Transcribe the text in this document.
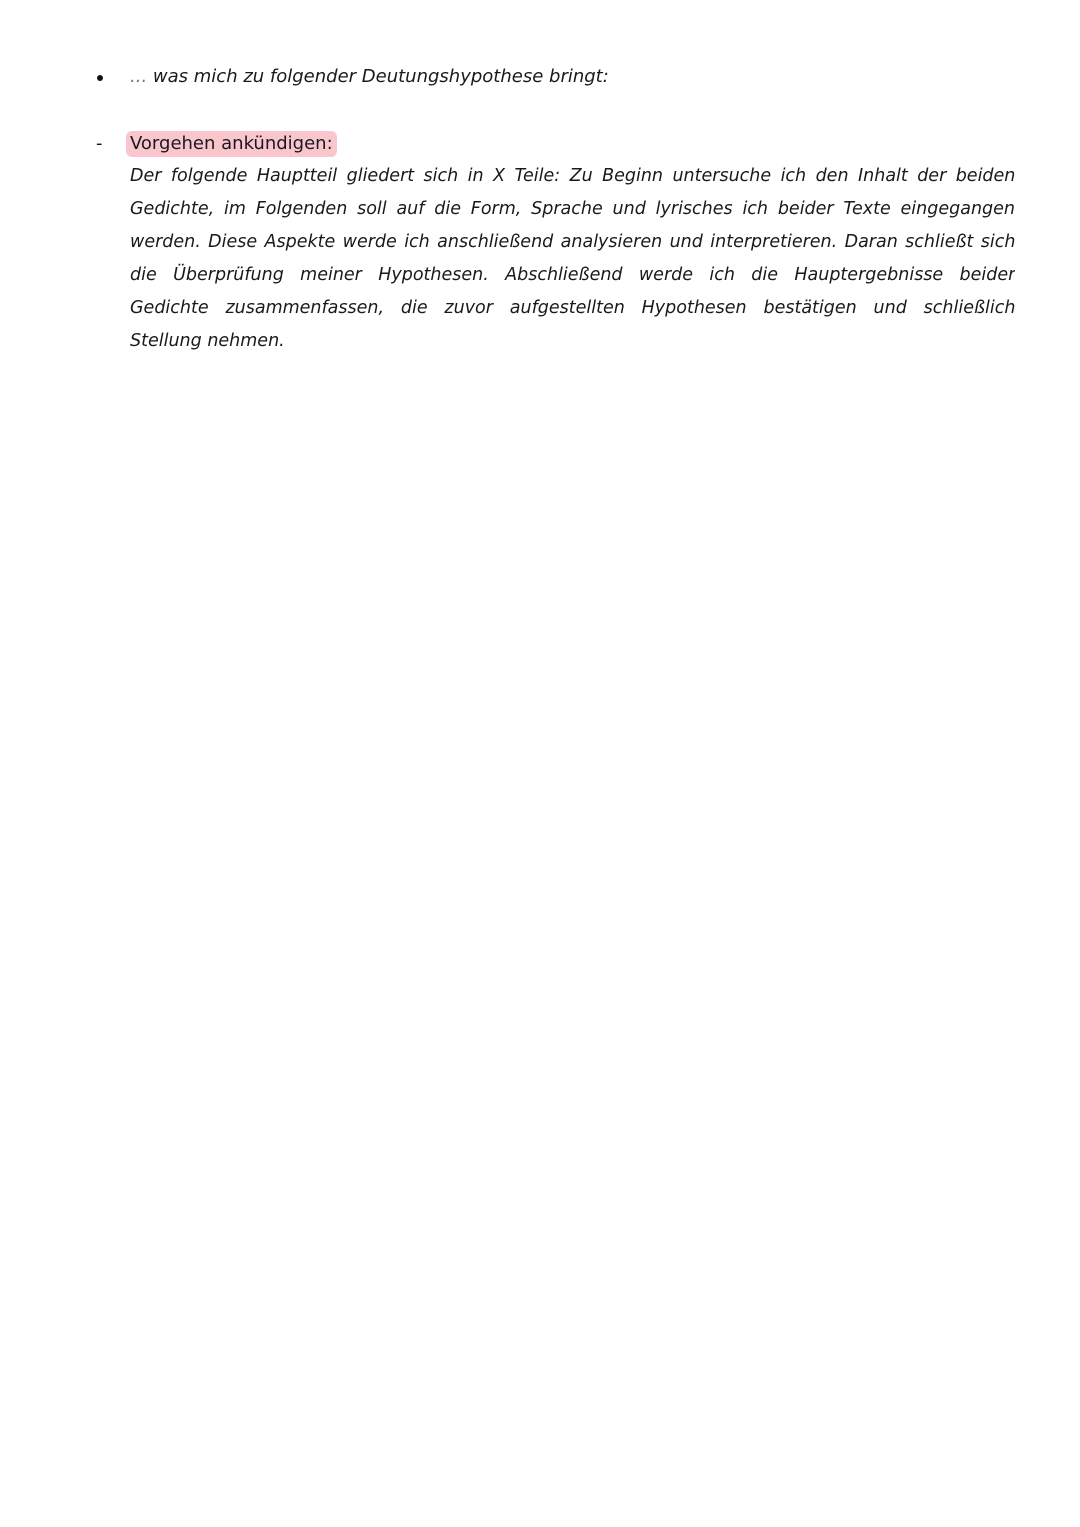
... was mich zu folgender Deutungshypothese bringt:
- Vorgehen ankündigen:
Der folgende Hauptteil gliedert sich in X Teile: Zu Beginn untersuche ich den Inhalt der beiden
Gedichte, im Folgenden soll auf die Form, Sprache und lyrisches ich beider Texte eingegangen
werden. Diese Aspekte werde ich anschließend analysieren und interpretieren. Daran schließt sich
die Überprüfung meiner Hypothesen. Abschließend werde ich die Hauptergebnisse beider
Gedichte zusammenfassen, die zuvor aufgestellten Hypothesen bestätigen und schließlich
Stellung nehmen.
